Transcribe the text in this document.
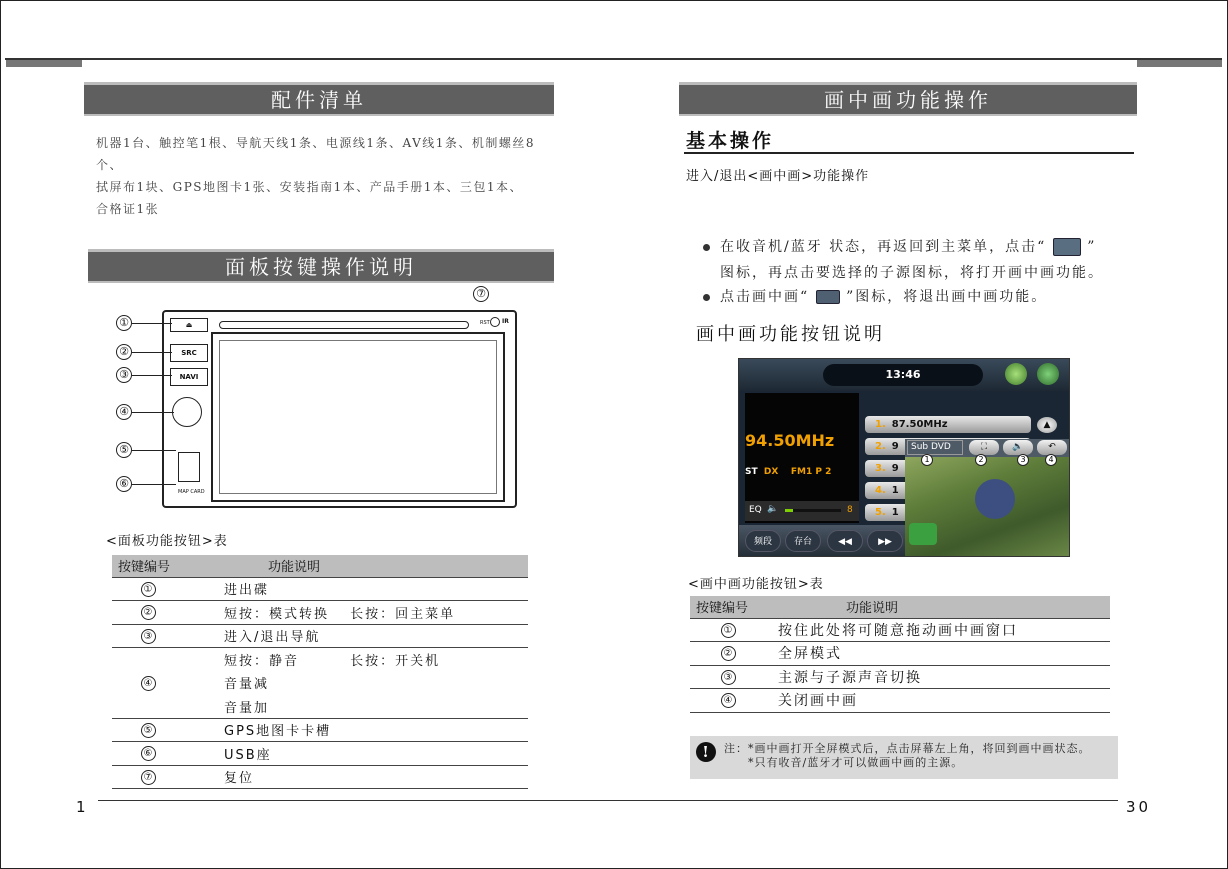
配件清单
机器1台、触控笔1根、导航天线1条、电源线1条、AV线1条、机制螺丝8个、
拭屏布1块、GPS地图卡1张、安装指南1本、产品手册1本、三包1本、
合格证1张
面板按键操作说明
⏏
SRC
NAVI
MAP CARD
RST IR
①
②
③
④
⑤
⑥
⑦
<面板功能按钮>表
按键编号	功能说明
①	进出碟
②	短按：模式转换　 长按：回主菜单
③	进入/退出导航
④	短按：静音　　　 长按：开关机
	音量减
	音量加
⑤	GPS地图卡卡槽
⑥	USB座
⑦	复位
1
画中画功能操作
基本操作
进入/退出<画中画>功能操作
在收音机/蓝牙 状态，再返回到主菜单，点击“	”
图标，再点击要选择的子源图标，将打开画中画功能。
点击画中画“	”图标，将退出画中画功能。
画中画功能按钮说明
13:46
94.50MHz
ST DX FM1 P 2
EQ 🔈	8
1. 87.50MHz
2. 9
3. 9
4. 1
5. 1
▲
频段	存台	◀◀	▶▶
Sub DVD	⛶	🔈	↶
1	2	3	4
<画中画功能按钮>表
按键编号	功能说明
①	按住此处将可随意拖动画中画窗口
②	全屏模式
③	主源与子源声音切换
④	关闭画中画
!	注：*画中画打开全屏模式后，点击屏幕左上角，将回到画中画状态。
*只有收音/蓝牙才可以做画中画的主源。
30
